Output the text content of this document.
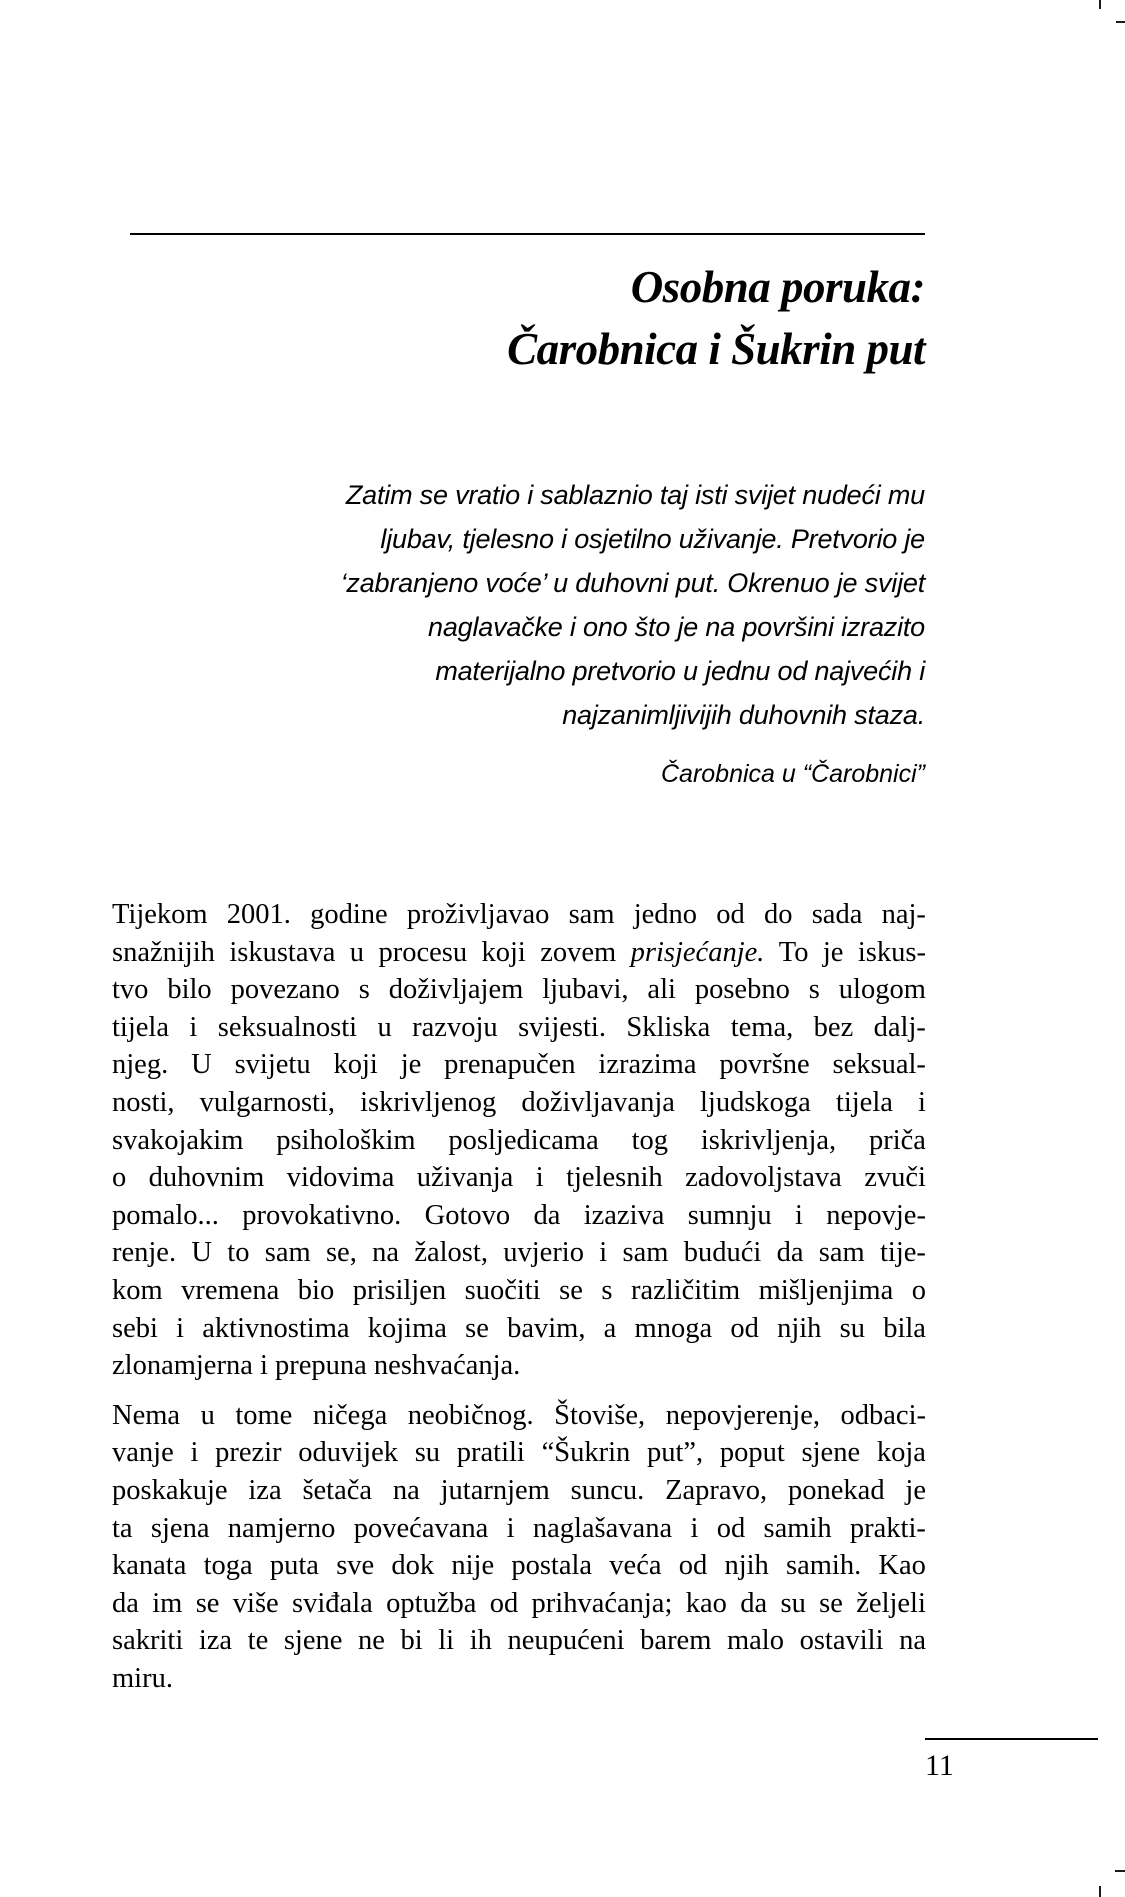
Osobna poruka:
Čarobnica i Šukrin put
Zatim se vratio i sablaznio taj isti svijet nudeći mu
ljubav, tjelesno i osjetilno uživanje. Pretvorio je
‘zabranjeno voće’ u duhovni put. Okrenuo je svijet
naglavačke i ono što je na površini izrazito
materijalno pretvorio u jednu od najvećih i
najzanimljivijih duhovnih staza.
Čarobnica u “Čarobnici”
Tijekom 2001. godine proživljavao sam jedno od do sada naj-
snažnijih iskustava u procesu koji zovem prisjećanje. To je iskus-
tvo bilo povezano s doživljajem ljubavi, ali posebno s ulogom
tijela i seksualnosti u razvoju svijesti. Skliska tema, bez dalj-
njeg. U svijetu koji je prenapučen izrazima površne seksual-
nosti, vulgarnosti, iskrivljenog doživljavanja ljudskoga tijela i
svakojakim psihološkim posljedicama tog iskrivljenja, priča
o duhovnim vidovima uživanja i tjelesnih zadovoljstava zvuči
pomalo... provokativno. Gotovo da izaziva sumnju i nepovje-
renje. U to sam se, na žalost, uvjerio i sam budući da sam tije-
kom vremena bio prisiljen suočiti se s različitim mišljenjima o
sebi i aktivnostima kojima se bavim, a mnoga od njih su bila
zlonamjerna i prepuna neshvaćanja.
Nema u tome ničega neobičnog. Štoviše, nepovjerenje, odbaci-
vanje i prezir oduvijek su pratili “Šukrin put”, poput sjene koja
poskakuje iza šetača na jutarnjem suncu. Zapravo, ponekad je
ta sjena namjerno povećavana i naglašavana i od samih prakti-
kanata toga puta sve dok nije postala veća od njih samih. Kao
da im se više sviđala optužba od prihvaćanja; kao da su se željeli
sakriti iza te sjene ne bi li ih neupućeni barem malo ostavili na
miru.
11
